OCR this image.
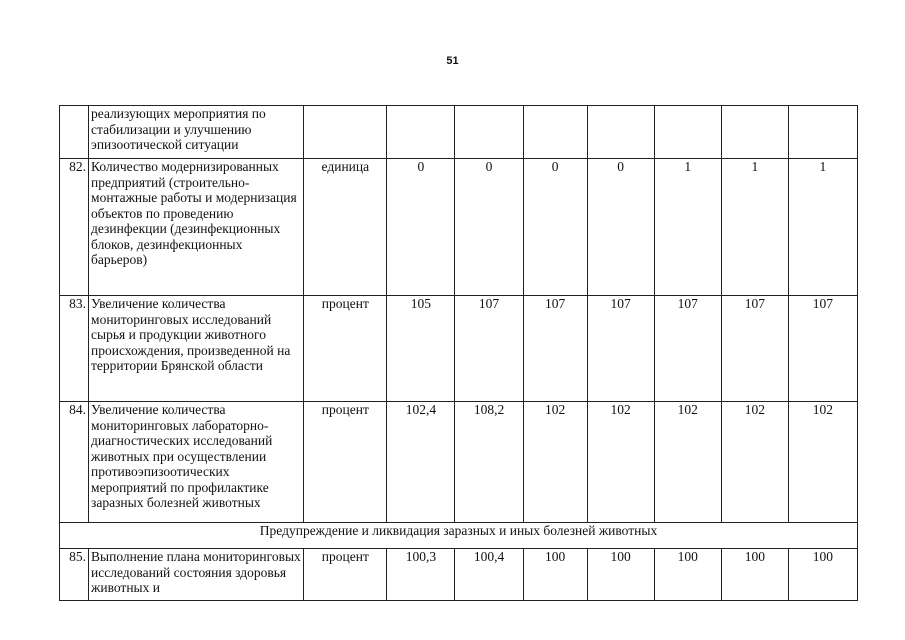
51
	реализующих мероприятия по стабилизации и улучшению эпизоотической ситуации								
82.	Количество модернизированных предприятий (строительно-монтажные работы и модернизация объектов по проведению дезинфекции (дезинфекционных блоков, дезинфекционных барьеров)	единица	0	0	0	0	1	1	1
83.	Увеличение количества мониторинговых исследований сырья и продукции животного происхождения, произведенной на территории Брянской области	процент	105	107	107	107	107	107	107
84.	Увеличение количества мониторинговых лабораторно-диагностических исследований животных при осуществлении противоэпизоотических мероприятий по профилактике заразных болезней животных	процент	102,4	108,2	102	102	102	102	102
Предупреждение и ликвидация заразных и иных болезней животных									
85.	Выполнение плана мониторинговых исследований состояния здоровья животных и	процент	100,3	100,4	100	100	100	100	100
